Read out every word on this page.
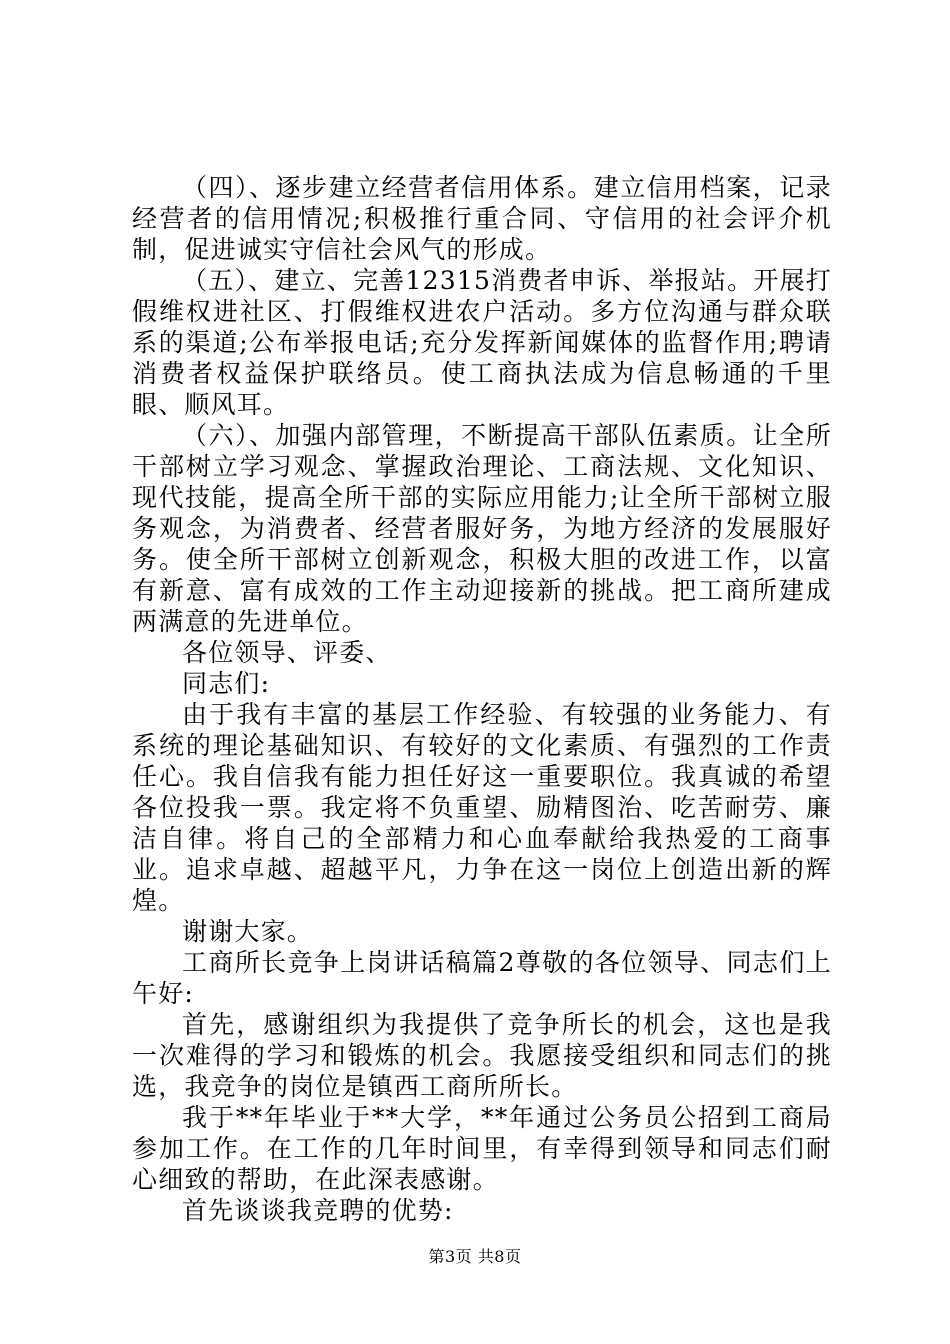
（四）、逐步建立经营者信用体系。建立信用档案，记录经营者的信用情况;积极推行重合同、守信用的社会评介机制，促进诚实守信社会风气的形成。

（五）、建立、完善12315消费者申诉、举报站。开展打假维权进社区、打假维权进农户活动。多方位沟通与群众联系的渠道;公布举报电话;充分发挥新闻媒体的监督作用;聘请消费者权益保护联络员。使工商执法成为信息畅通的千里眼、顺风耳。

（六）、加强内部管理，不断提高干部队伍素质。让全所干部树立学习观念、掌握政治理论、工商法规、文化知识、现代技能，提高全所干部的实际应用能力;让全所干部树立服务观念，为消费者、经营者服好务，为地方经济的发展服好务。使全所干部树立创新观念，积极大胆的改进工作，以富有新意、富有成效的工作主动迎接新的挑战。把工商所建成两满意的先进单位。

各位领导、评委、

同志们:

由于我有丰富的基层工作经验、有较强的业务能力、有系统的理论基础知识、有较好的文化素质、有强烈的工作责任心。我自信我有能力担任好这一重要职位。我真诚的希望各位投我一票。我定将不负重望、励精图治、吃苦耐劳、廉洁自律。将自己的全部精力和心血奉献给我热爱的工商事业。追求卓越、超越平凡，力争在这一岗位上创造出新的辉煌。

谢谢大家。

工商所长竞争上岗讲话稿篇2尊敬的各位领导、同志们上午好:

首先，感谢组织为我提供了竞争所长的机会，这也是我一次难得的学习和锻炼的机会。我愿接受组织和同志们的挑选，我竞争的岗位是镇西工商所所长。

我于**年毕业于**大学，**年通过公务员公招到工商局参加工作。在工作的几年时间里，有幸得到领导和同志们耐心细致的帮助，在此深表感谢。

首先谈谈我竞聘的优势:

第3页 共8页
